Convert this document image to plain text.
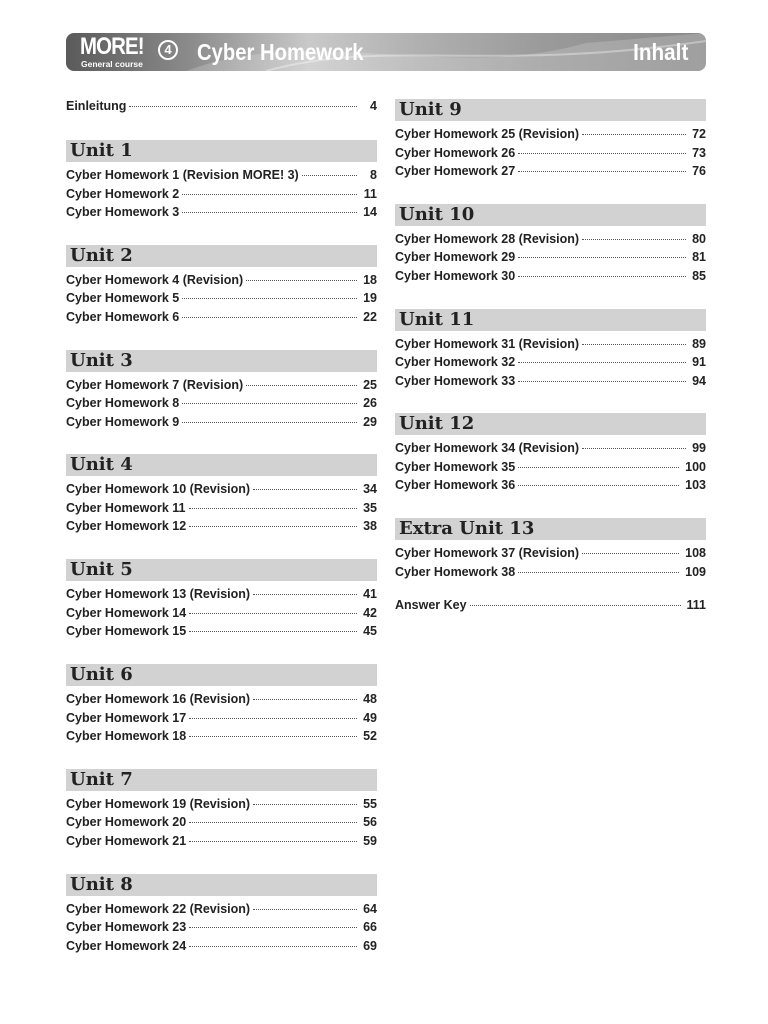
MORE!
General course
4 Cyber Homework	Inhalt
Einleitung	4
Unit 1
Cyber Homework 1 (Revision MORE! 3)	8
Cyber Homework 2	11
Cyber Homework 3	14
Unit 2
Cyber Homework 4 (Revision)	18
Cyber Homework 5	19
Cyber Homework 6	22
Unit 3
Cyber Homework 7 (Revision)	25
Cyber Homework 8	26
Cyber Homework 9	29
Unit 4
Cyber Homework 10 (Revision)	34
Cyber Homework 11	35
Cyber Homework 12	38
Unit 5
Cyber Homework 13 (Revision)	41
Cyber Homework 14	42
Cyber Homework 15	45
Unit 6
Cyber Homework 16 (Revision)	48
Cyber Homework 17	49
Cyber Homework 18	52
Unit 7
Cyber Homework 19 (Revision)	55
Cyber Homework 20	56
Cyber Homework 21	59
Unit 8
Cyber Homework 22 (Revision)	64
Cyber Homework 23	66
Cyber Homework 24	69
Unit 9
Cyber Homework 25 (Revision)	72
Cyber Homework 26	73
Cyber Homework 27	76
Unit 10
Cyber Homework 28 (Revision)	80
Cyber Homework 29	81
Cyber Homework 30	85
Unit 11
Cyber Homework 31 (Revision)	89
Cyber Homework 32	91
Cyber Homework 33	94
Unit 12
Cyber Homework 34 (Revision)	99
Cyber Homework 35	100
Cyber Homework 36	103
Extra Unit 13
Cyber Homework 37 (Revision)	108
Cyber Homework 38	109
Answer Key	111
